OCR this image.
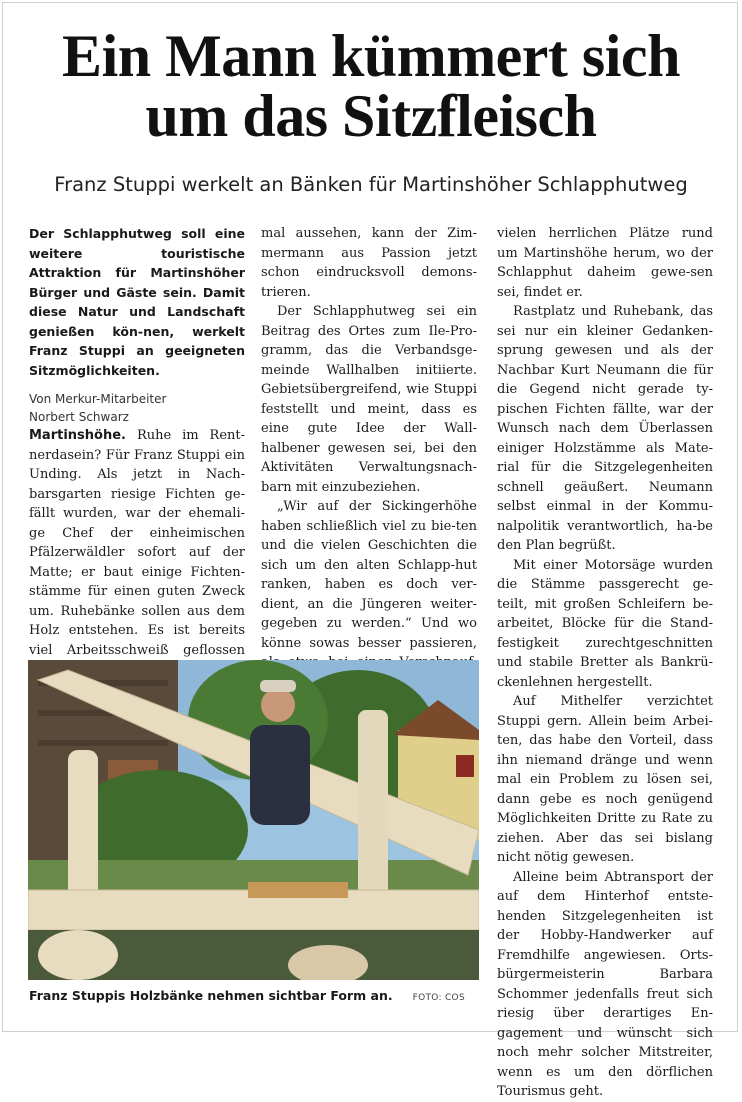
Ein Mann kümmert sich
um das Sitzfleisch
Franz Stuppi werkelt an Bänken für Martinshöher Schlapphutweg

Der Schlapphutweg soll eine weitere touristische Attraktion für Martinshöher Bürger und Gäste sein. Damit diese Natur und Landschaft genießen kön-nen, werkelt Franz Stuppi an geeigneten Sitzmöglichkeiten.

Von Merkur-Mitarbeiter
Norbert Schwarz

Martinshöhe. Ruhe im Rent-nerdasein? Für Franz Stuppi ein Unding. Als jetzt in Nach-barsgarten riesige Fichten ge-fällt wurden, war der ehemali-ge Chef der einheimischen Pfälzerwäldler sofort auf der Matte; er baut einige Fichten-stämme für einen guten Zweck um. Ruhebänke sollen aus dem Holz entstehen. Es ist bereits viel Arbeitsschweiß geflossen

mal aussehen, kann der Zim-mermann aus Passion jetzt schon eindrucksvoll demons-trieren.

Der Schlapphutweg sei ein Beitrag des Ortes zum Ile-Pro-gramm, das die Verbandsge-meinde Wallhalben initiierte. Gebietsübergreifend, wie Stuppi feststellt und meint, dass es eine gute Idee der Wall-halbener gewesen sei, bei den Aktivitäten Verwaltungsnach-barn mit einzubeziehen.

„Wir auf der Sickingerhöhe haben schließlich viel zu bie-ten und die vielen Geschichten die sich um den alten Schlapp-hut ranken, haben es doch ver-dient, an die Jüngeren weiter-gegeben zu werden.“ Und wo könne sowas besser passieren,

vielen herrlichen Plätze rund um Martinshöhe herum, wo der Schlapphut daheim gewe-sen sei, findet er.

Rastplatz und Ruhebank, das sei nur ein kleiner Gedanken-sprung gewesen und als der Nachbar Kurt Neumann die für die Gegend nicht gerade ty-pischen Fichten fällte, war der Wunsch nach dem Überlassen einiger Holzstämme als Mate-rial für die Sitzgelegenheiten schnell geäußert. Neumann selbst einmal in der Kommu-nalpolitik verantwortlich, ha-be den Plan begrüßt.

Mit einer Motorsäge wurden die Stämme passgerecht ge-teilt, mit großen Schleifern be-arbeitet, Blöcke für die Stand-festigkeit zurechtgeschnitten und stabile Bretter als Bankrü-ckenlehnen hergestellt.

Auf Mithelfer verzichtet Stuppi gern. Allein beim Arbei-ten, das habe den Vorteil, dass ihn niemand dränge und wenn mal ein Problem zu lösen sei, dann gebe es noch genügend Möglichkeiten Dritte zu Rate zu ziehen. Aber das sei bislang nicht nötig gewesen.

Alleine beim Abtransport der auf dem Hinterhof entste-henden Sitzgelegenheiten ist der Hobby-Handwerker auf Fremdhilfe angewiesen. Orts-bürgermeisterin Barbara Schommer jedenfalls freut sich riesig über derartiges En-gagement und wünscht sich noch mehr solcher Mitstreiter, wenn es um den dörflichen Tourismus geht.

Franz Stuppis Holzbänke nehmen sichtbar Form an. FOTO: COS
